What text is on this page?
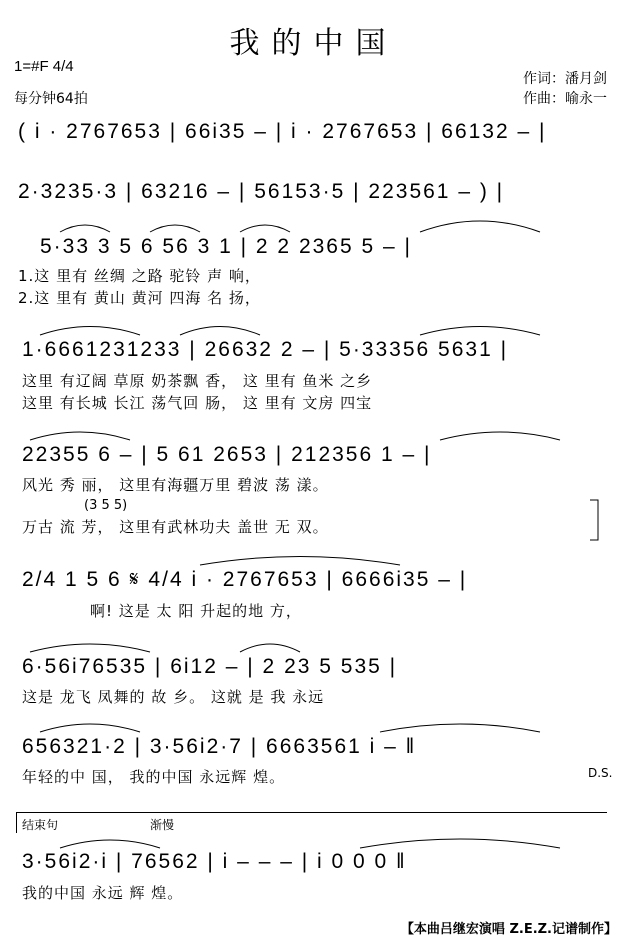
我的中国
1=#F 4/4
每分钟64拍
作词：潘月剑
作曲：喻永一
( i · 2767653 | 66i35 – | i · 2767653 | 66132 – |
2·3235·3 | 63216 – | 56153·5 | 223561 – ) |
5·33 3 5 6 56 3 1 | 2 2 2365 5 – |
1.这 里有 丝绸 之路 驼铃 声 响，
2.这 里有 黄山 黄河 四海 名 扬，
1·6661231233 | 26632 2 – | 5·33356 5631 |
这里 有辽阔 草原 奶茶飘 香， 这 里有 鱼米 之乡
这里 有长城 长江 荡气回 肠， 这 里有 文房 四宝
22355 6 – | 5 61 2653 | 212356 1 – |
风光 秀 丽， 这里有海疆万里 碧波 荡 漾。
(3 5 5)
万古 流 芳， 这里有武林功夫 盖世 无 双。
2/4 1 5 6 𝄋 4/4 i · 2767653 | 6666i35 – |
啊! 这是 太 阳 升起的地 方，
6·56i76535 | 6i12 – | 2 23 5 535 |
这是 龙飞 凤舞的 故 乡。 这就 是 我 永远
656321·2 | 3·56i2·7 | 6663561 i – ‖
年轻的中 国， 我的中国 永远辉 煌。	D.S.
结束句	渐慢
3·56i2·i | 76562 | i – – – | i 0 0 0 ‖
我的中国 永远 辉 煌。
【本曲吕继宏演唱 Z.E.Z.记谱制作】
